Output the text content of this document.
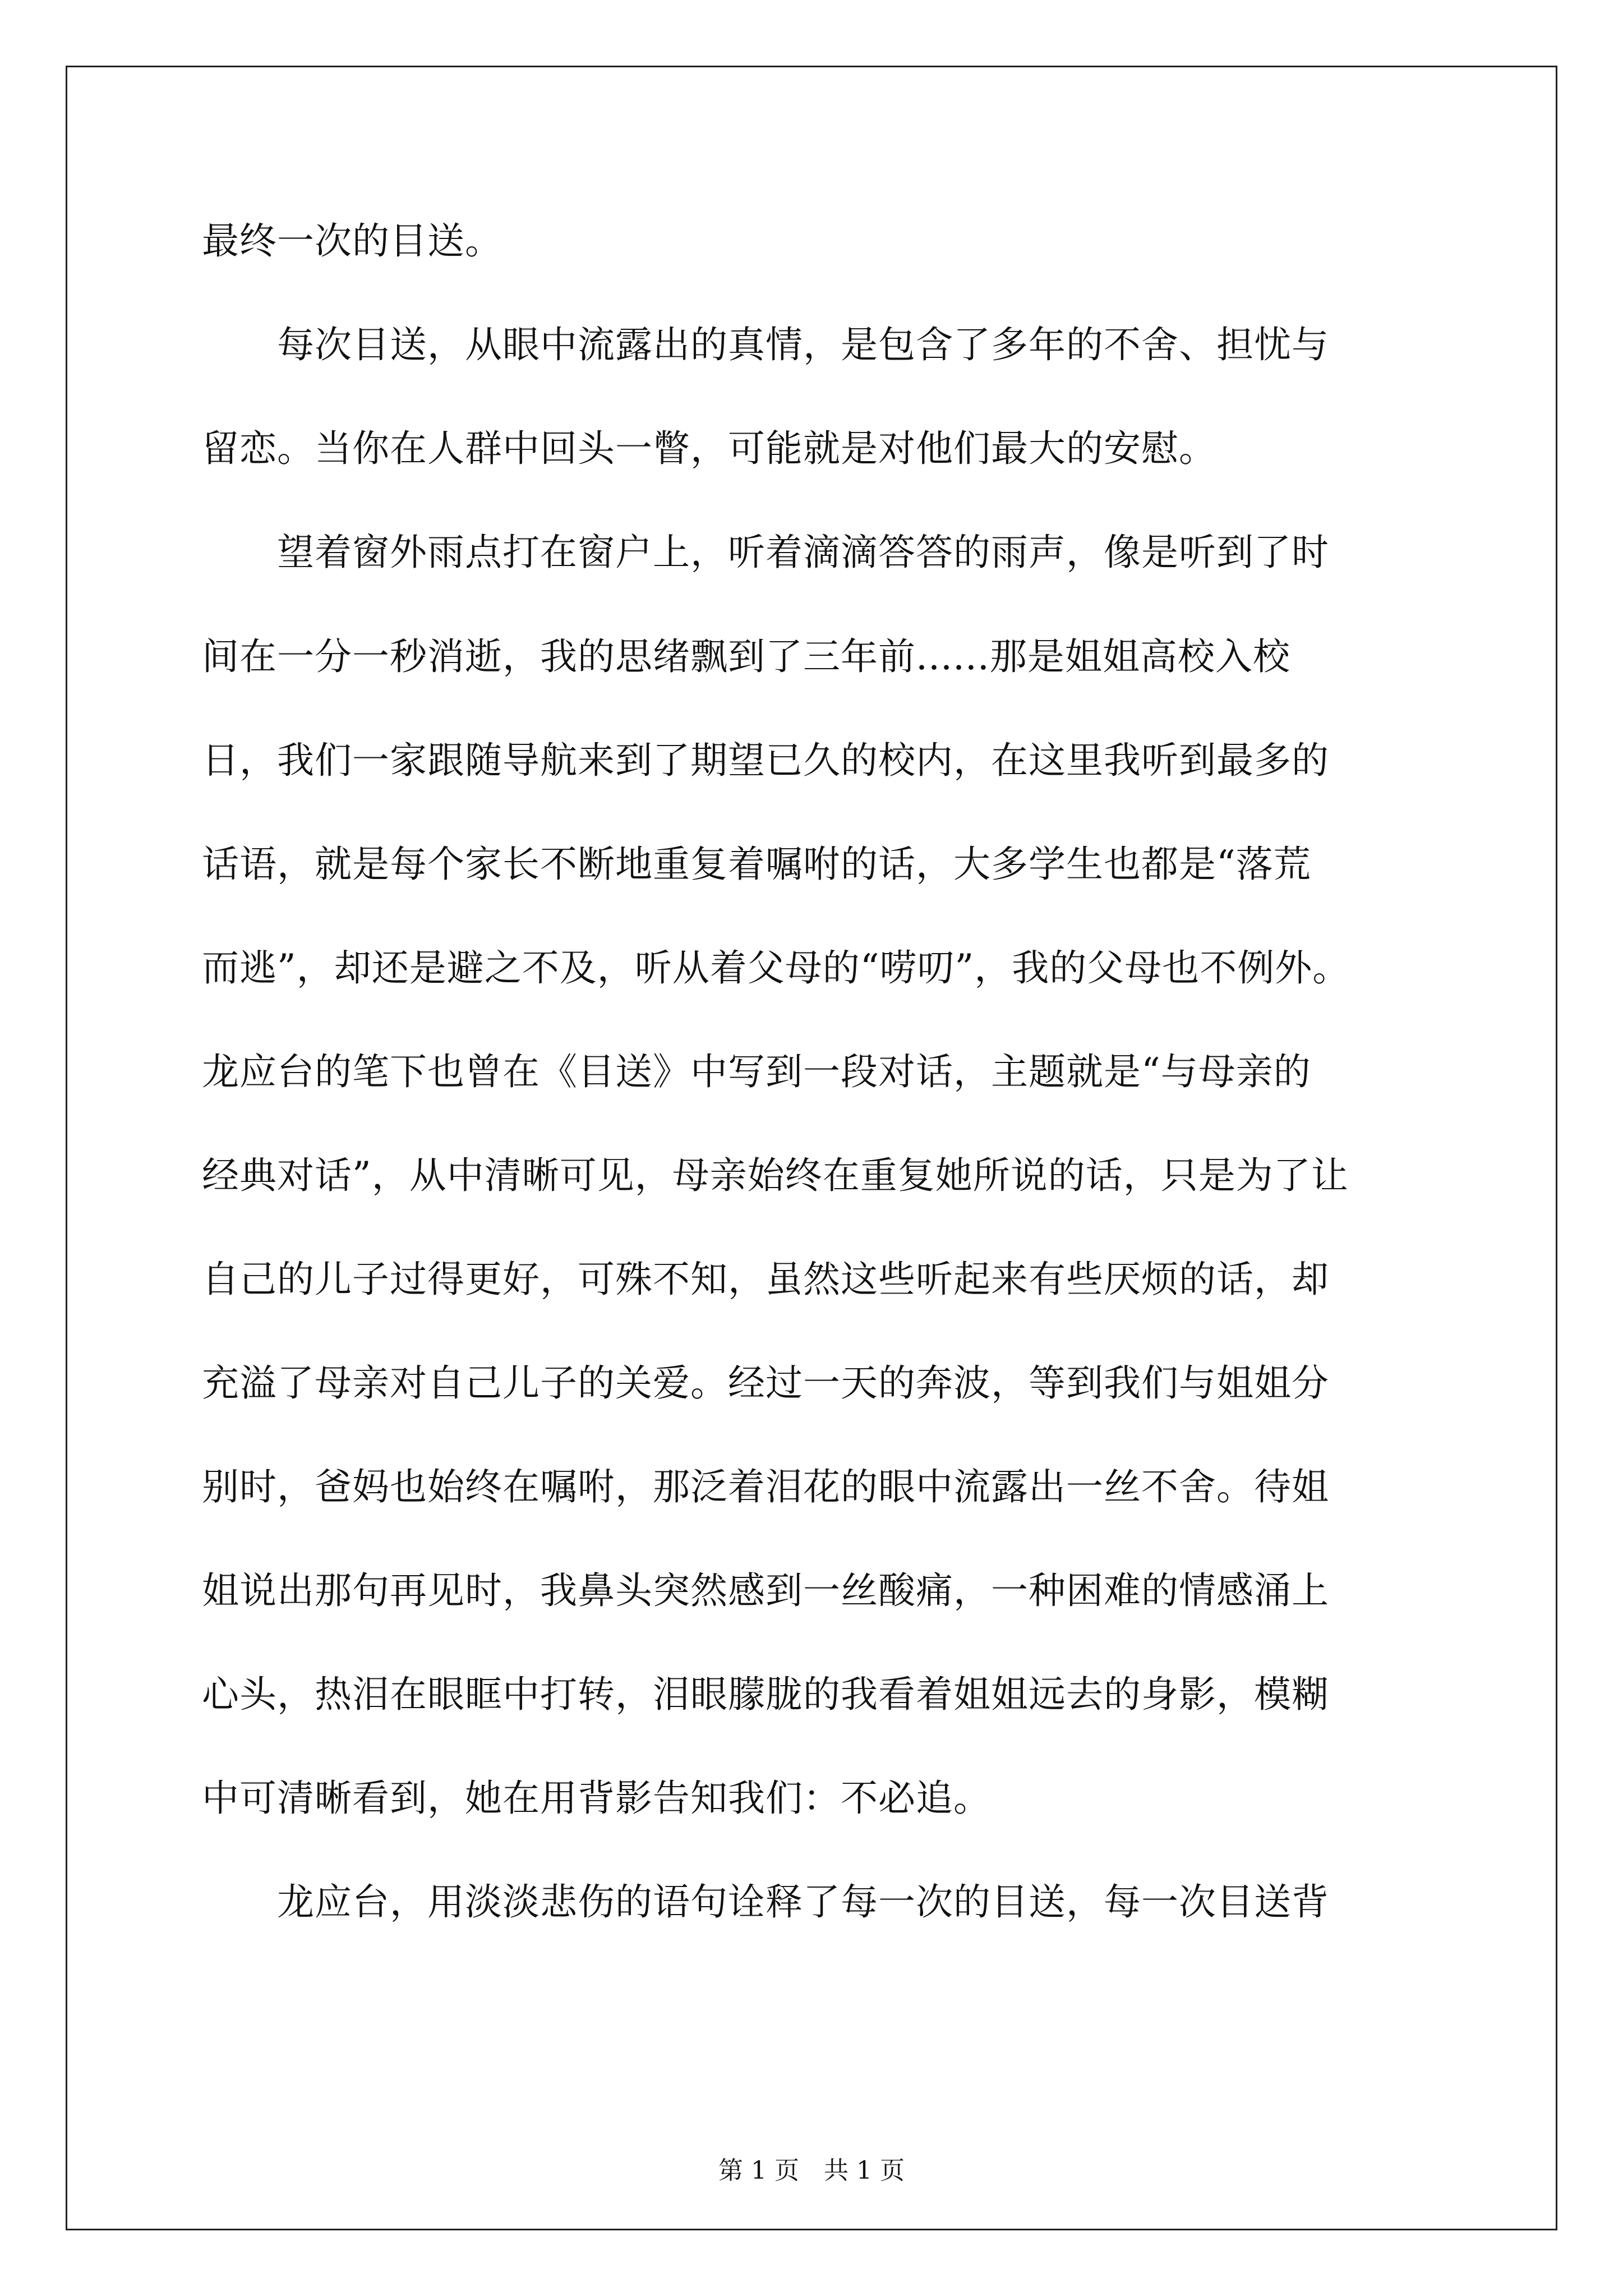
最终一次的目送。
　　每次目送，从眼中流露出的真情，是包含了多年的不舍、担忧与
留恋。当你在人群中回头一瞥，可能就是对他们最大的安慰。
　　望着窗外雨点打在窗户上，听着滴滴答答的雨声，像是听到了时
间在一分一秒消逝，我的思绪飘到了三年前......那是姐姐高校入校
日，我们一家跟随导航来到了期望已久的校内，在这里我听到最多的
话语，就是每个家长不断地重复着嘱咐的话，大多学生也都是“落荒
而逃”，却还是避之不及，听从着父母的“唠叨”，我的父母也不例外。
龙应台的笔下也曾在《目送》中写到一段对话，主题就是“与母亲的
经典对话”，从中清晰可见，母亲始终在重复她所说的话，只是为了让
自己的儿子过得更好，可殊不知，虽然这些听起来有些厌烦的话，却
充溢了母亲对自己儿子的关爱。经过一天的奔波，等到我们与姐姐分
别时，爸妈也始终在嘱咐，那泛着泪花的眼中流露出一丝不舍。待姐
姐说出那句再见时，我鼻头突然感到一丝酸痛，一种困难的情感涌上
心头，热泪在眼眶中打转，泪眼朦胧的我看着姐姐远去的身影，模糊
中可清晰看到，她在用背影告知我们：不必追。
　　龙应台，用淡淡悲伤的语句诠释了每一次的目送，每一次目送背
第 1 页　共 1 页
